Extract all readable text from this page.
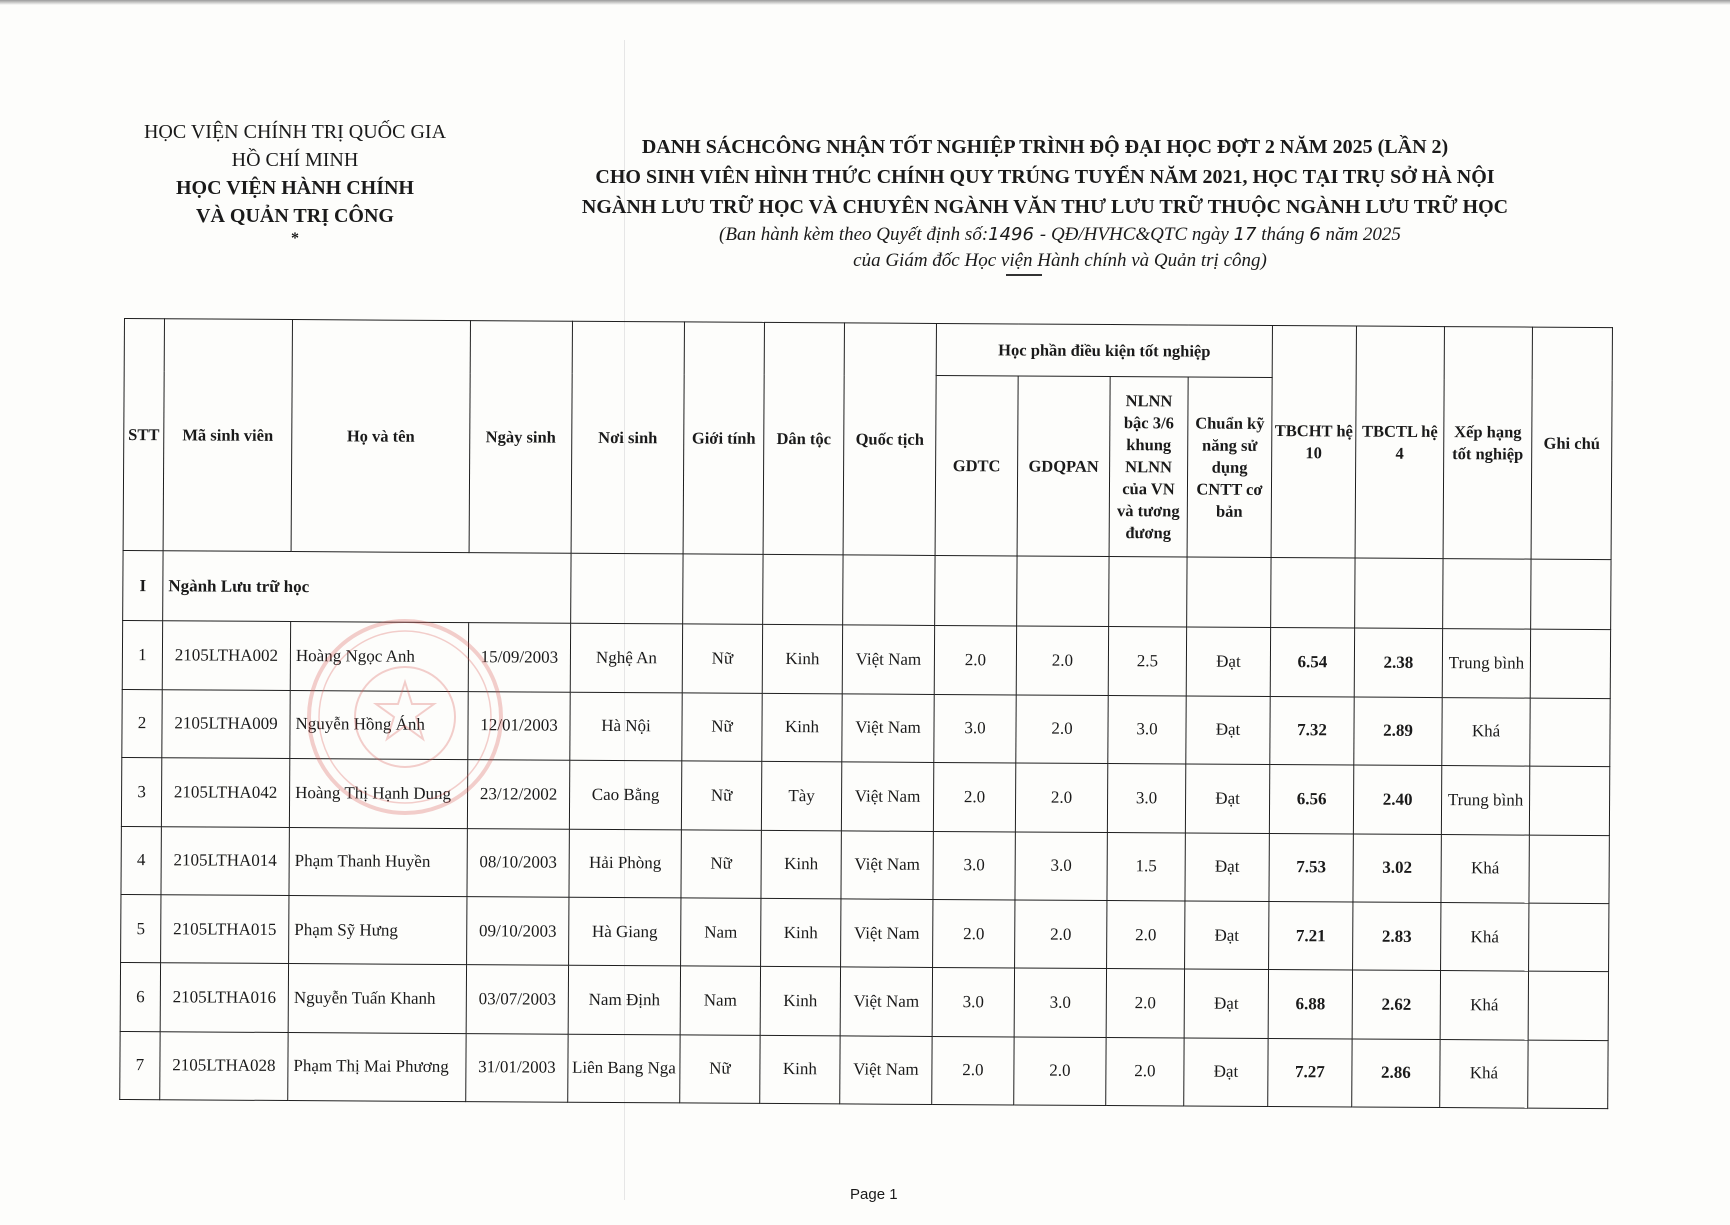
HỌC VIỆN CHÍNH TRỊ QUỐC GIA
HỒ CHÍ MINH
HỌC VIỆN HÀNH CHÍNH
VÀ QUẢN TRỊ CÔNG
*
DANH SÁCHCÔNG NHẬN TỐT NGHIỆP TRÌNH ĐỘ ĐẠI HỌC ĐỢT 2 NĂM 2025 (LẦN 2)
CHO SINH VIÊN HÌNH THỨC CHÍNH QUY TRÚNG TUYỂN NĂM 2021, HỌC TẠI TRỤ SỞ HÀ NỘI
NGÀNH LƯU TRỮ HỌC VÀ CHUYÊN NGÀNH VĂN THƯ LƯU TRỮ THUỘC NGÀNH LƯU TRỮ HỌC
(Ban hành kèm theo Quyết định số:1496 - QĐ/HVHC&QTC ngày 17 tháng 6 năm 2025
của Giám đốc Học viện Hành chính và Quản trị công)
STT	Mã sinh viên	Họ và tên	Ngày sinh	Nơi sinh	Giới tính	Dân tộc	Quốc tịch	Học phần điều kiện tốt nghiệp				TBCHT hệ 10	TBCTL hệ 4	Xếp hạng tốt nghiệp	Ghi chú
								GDTC	GDQPAN	NLNN bậc 3/6 khung NLNN của VN và tương đương	Chuẩn kỹ năng sử dụng CNTT cơ bản				
I	Ngành Lưu trữ học														
1	2105LTHA002	Hoàng Ngọc Anh	15/09/2003	Nghệ An	Nữ	Kinh	Việt Nam	2.0	2.0	2.5	Đạt	6.54	2.38	Trung bình	
2	2105LTHA009	Nguyễn Hồng Ánh	12/01/2003	Hà Nội	Nữ	Kinh	Việt Nam	3.0	2.0	3.0	Đạt	7.32	2.89	Khá	
3	2105LTHA042	Hoàng Thị Hạnh Dung	23/12/2002	Cao Bằng	Nữ	Tày	Việt Nam	2.0	2.0	3.0	Đạt	6.56	2.40	Trung bình	
4	2105LTHA014	Phạm Thanh Huyền	08/10/2003	Hải Phòng	Nữ	Kinh	Việt Nam	3.0	3.0	1.5	Đạt	7.53	3.02	Khá	
5	2105LTHA015	Phạm Sỹ Hưng	09/10/2003	Hà Giang	Nam	Kinh	Việt Nam	2.0	2.0	2.0	Đạt	7.21	2.83	Khá	
6	2105LTHA016	Nguyễn Tuấn Khanh	03/07/2003	Nam Định	Nam	Kinh	Việt Nam	3.0	3.0	2.0	Đạt	6.88	2.62	Khá	
7	2105LTHA028	Phạm Thị Mai Phương	31/01/2003	Liên Bang Nga	Nữ	Kinh	Việt Nam	2.0	2.0	2.0	Đạt	7.27	2.86	Khá	
Page 1
